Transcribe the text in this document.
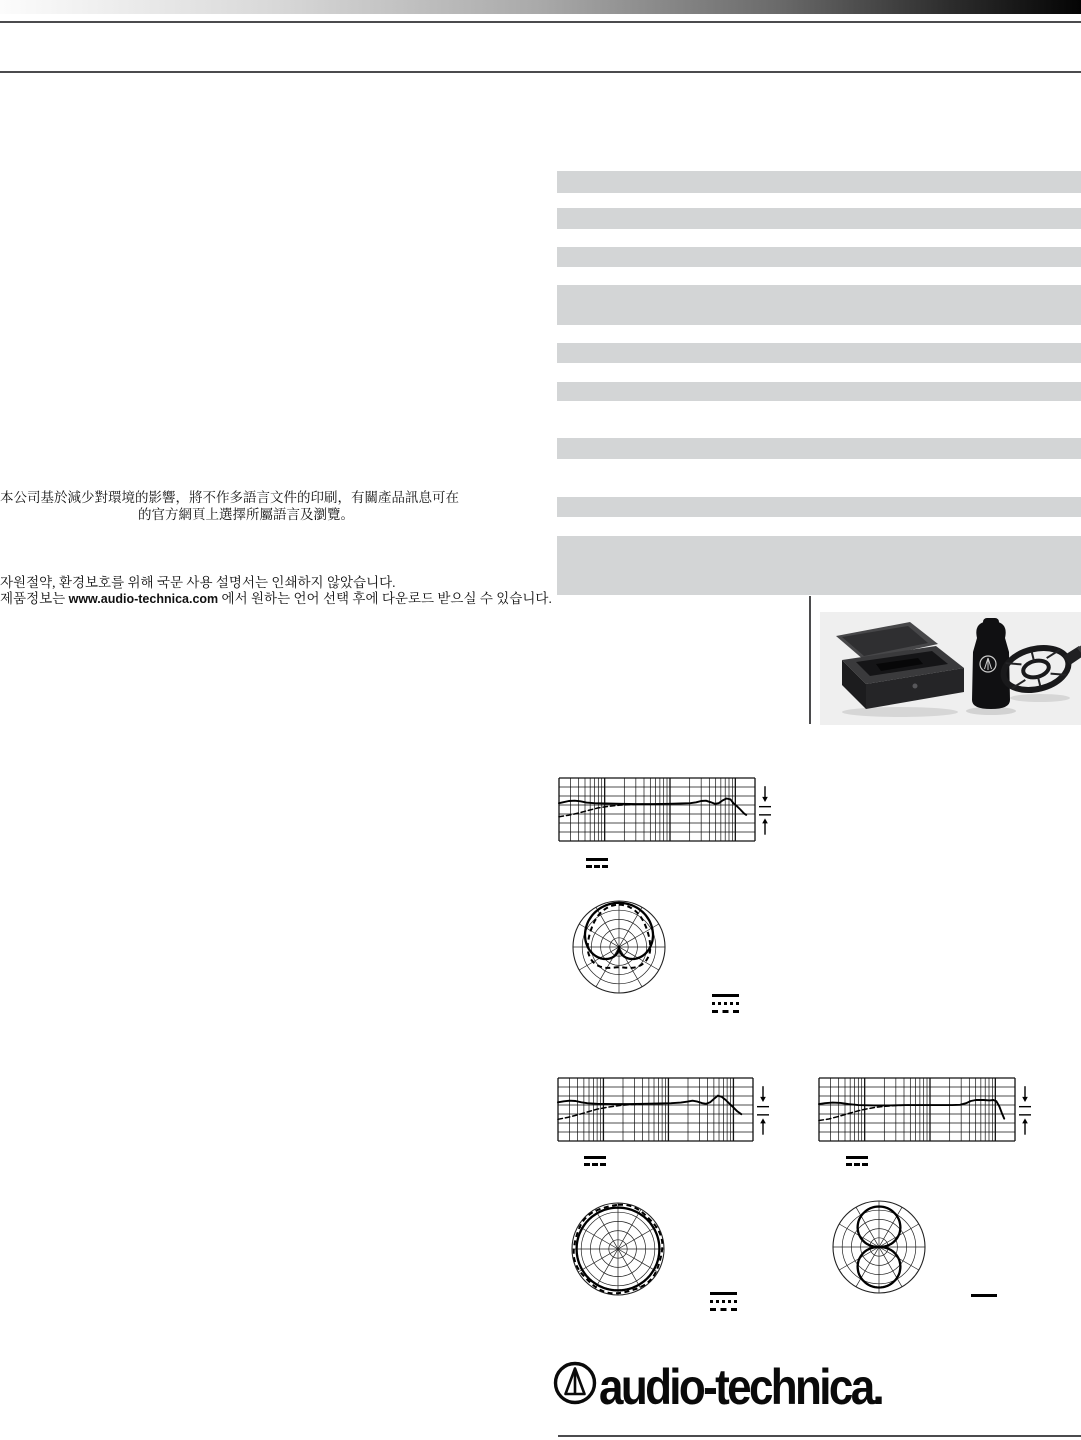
本公司基於減少對環境的影響，將不作多語言文件的印刷，有關產品訊息可在
的官方網頁上選擇所屬語言及瀏覽。
자원절약, 환경보호를 위해 국문 사용 설명서는 인쇄하지 않았습니다.
제품정보는 www.audio-technica.com 에서 원하는 언어 선택 후에 다운로드 받으실 수 있습니다.
audio-technica.
